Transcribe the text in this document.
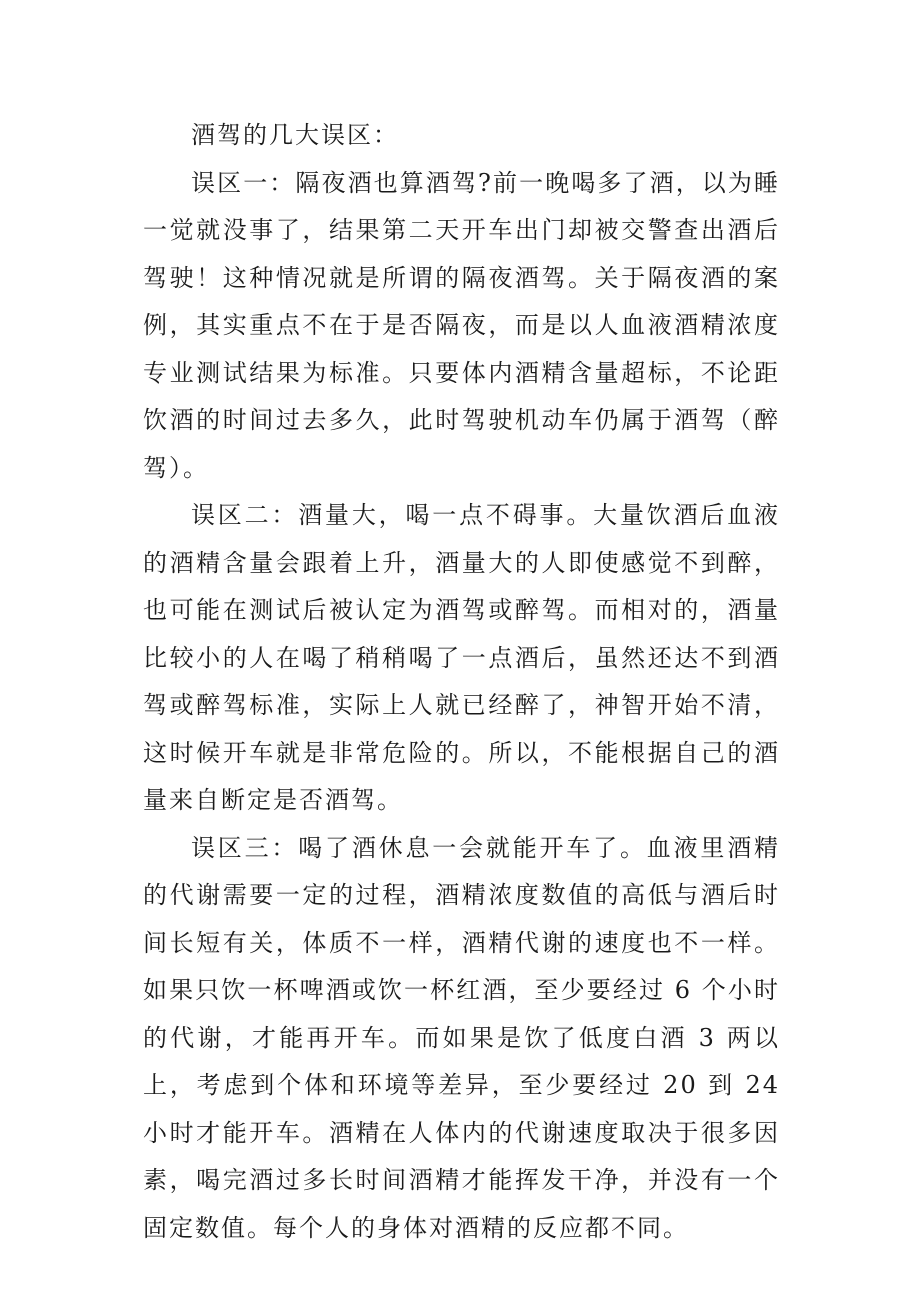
酒驾的几大误区：

误区一：隔夜酒也算酒驾?前一晚喝多了酒，以为睡一觉就没事了，结果第二天开车出门却被交警查出酒后驾驶！这种情况就是所谓的隔夜酒驾。关于隔夜酒的案例，其实重点不在于是否隔夜，而是以人血液酒精浓度专业测试结果为标准。只要体内酒精含量超标，不论距饮酒的时间过去多久，此时驾驶机动车仍属于酒驾（醉驾）。

误区二：酒量大，喝一点不碍事。大量饮酒后血液的酒精含量会跟着上升，酒量大的人即使感觉不到醉，也可能在测试后被认定为酒驾或醉驾。而相对的，酒量比较小的人在喝了稍稍喝了一点酒后，虽然还达不到酒驾或醉驾标准，实际上人就已经醉了，神智开始不清，这时候开车就是非常危险的。所以，不能根据自己的酒量来自断定是否酒驾。

误区三：喝了酒休息一会就能开车了。血液里酒精的代谢需要一定的过程，酒精浓度数值的高低与酒后时间长短有关，体质不一样，酒精代谢的速度也不一样。如果只饮一杯啤酒或饮一杯红酒，至少要经过 6 个小时的代谢，才能再开车。而如果是饮了低度白酒 3 两以上，考虑到个体和环境等差异，至少要经过 20 到 24 小时才能开车。酒精在人体内的代谢速度取决于很多因素，喝完酒过多长时间酒精才能挥发干净，并没有一个固定数值。每个人的身体对酒精的反应都不同。
